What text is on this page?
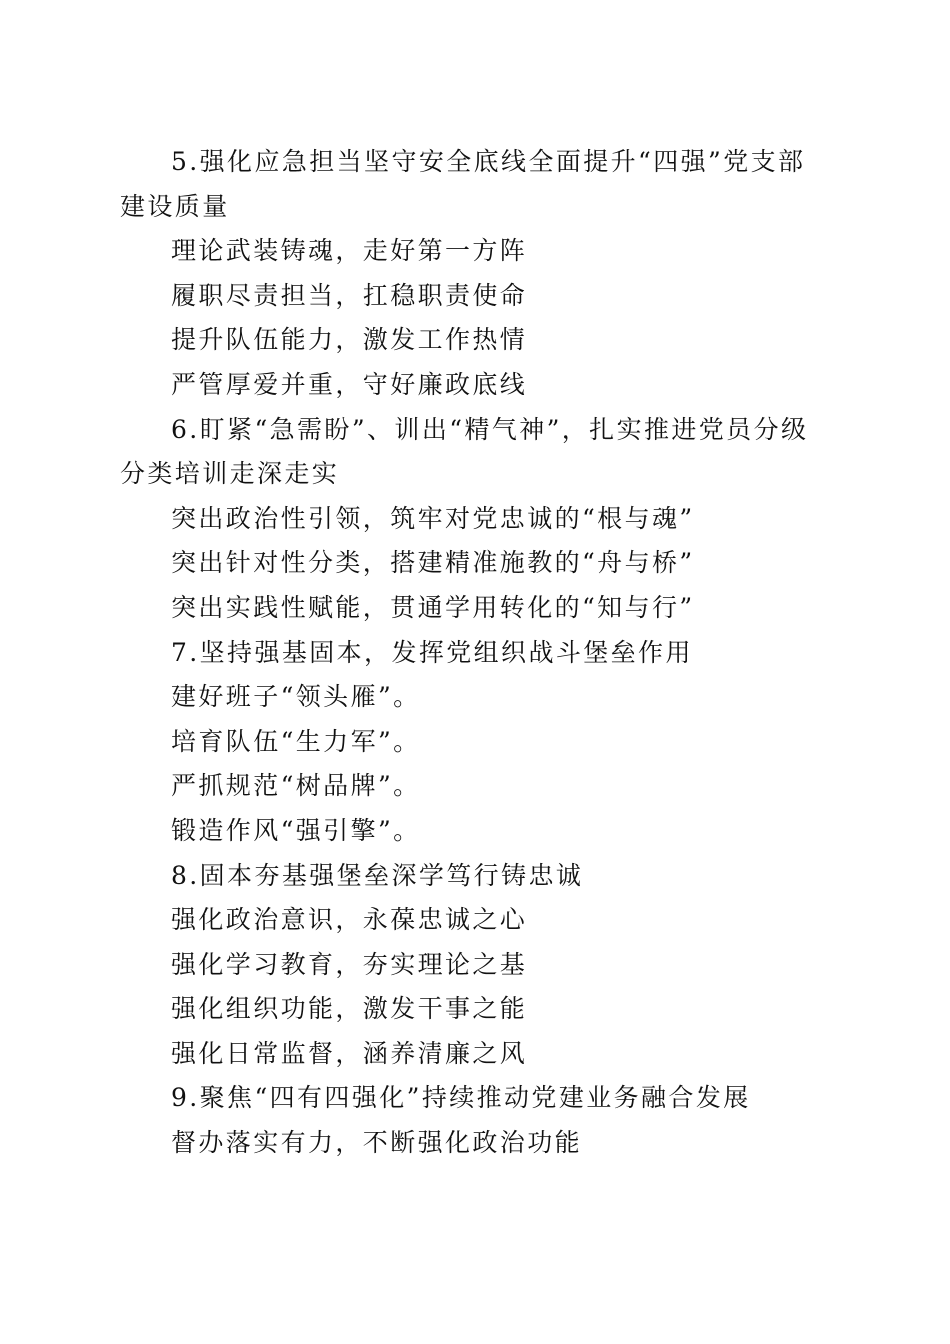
5.强化应急担当坚守安全底线全面提升“四强”党支部建设质量

理论武装铸魂，走好第一方阵

履职尽责担当，扛稳职责使命

提升队伍能力，激发工作热情

严管厚爱并重，守好廉政底线

6.盯紧“急需盼”、训出“精气神”，扎实推进党员分级分类培训走深走实

突出政治性引领，筑牢对党忠诚的“根与魂”

突出针对性分类，搭建精准施教的“舟与桥”

突出实践性赋能，贯通学用转化的“知与行”

7.坚持强基固本，发挥党组织战斗堡垒作用

建好班子“领头雁”。

培育队伍“生力军”。

严抓规范“树品牌”。

锻造作风“强引擎”。

8.固本夯基强堡垒深学笃行铸忠诚

强化政治意识，永葆忠诚之心

强化学习教育，夯实理论之基

强化组织功能，激发干事之能

强化日常监督，涵养清廉之风

9.聚焦“四有四强化”持续推动党建业务融合发展

督办落实有力，不断强化政治功能
